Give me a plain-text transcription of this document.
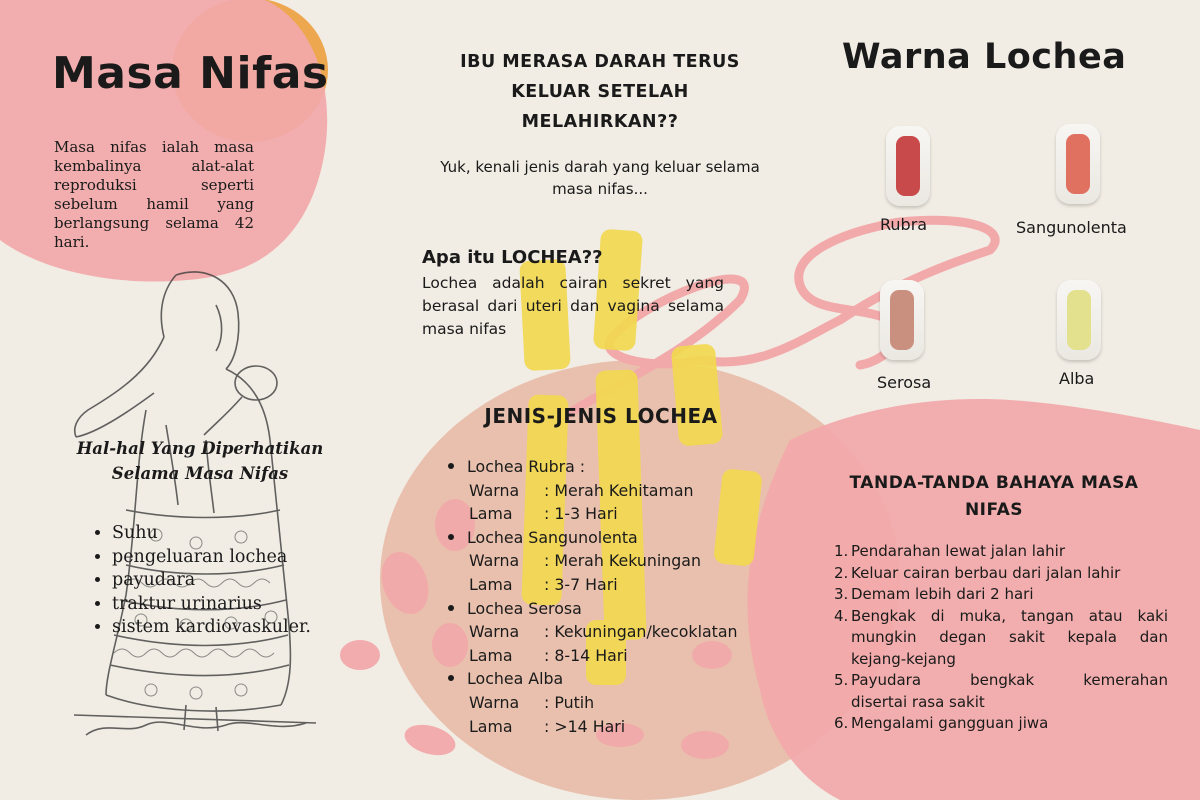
Masa Nifas

Masa nifas ialah masa kembalinya alat-alat reproduksi seperti sebelum hamil yang berlangsung selama 42 hari.

Hal-hal Yang Diperhatikan Selama Masa Nifas

• Suhu
• pengeluaran lochea
• payudara
• traktur urinarius
• sistem kardiovaskuler.

IBU MERASA DARAH TERUS KELUAR SETELAH MELAHIRKAN??

Yuk, kenali jenis darah yang keluar selama masa nifas...

Apa itu LOCHEA??

Lochea adalah cairan sekret yang berasal dari uteri dan vagina selama masa nifas

JENIS-JENIS LOCHEA

Lochea Rubra :
Warna : Merah Kehitaman
Lama : 1-3 Hari
Lochea Sangunolenta
Warna : Merah Kekuningan
Lama : 3-7 Hari
Lochea Serosa
Warna : Kekuningan/kecoklatan
Lama : 8-14 Hari
Lochea Alba
Warna : Putih
Lama : >14 Hari
Warna Lochea

Rubra	Sangunolenta

Serosa	Alba

TANDA-TANDA BAHAYA MASA NIFAS

1. Pendarahan lewat jalan lahir
2. Keluar cairan berbau dari jalan lahir
3. Demam lebih dari 2 hari
4. Bengkak di muka, tangan atau kaki
mungkin degan sakit kepala dan
kejang-kejang
5. Payudara bengkak kemerahan
disertai rasa sakit
6. Mengalami gangguan jiwa
